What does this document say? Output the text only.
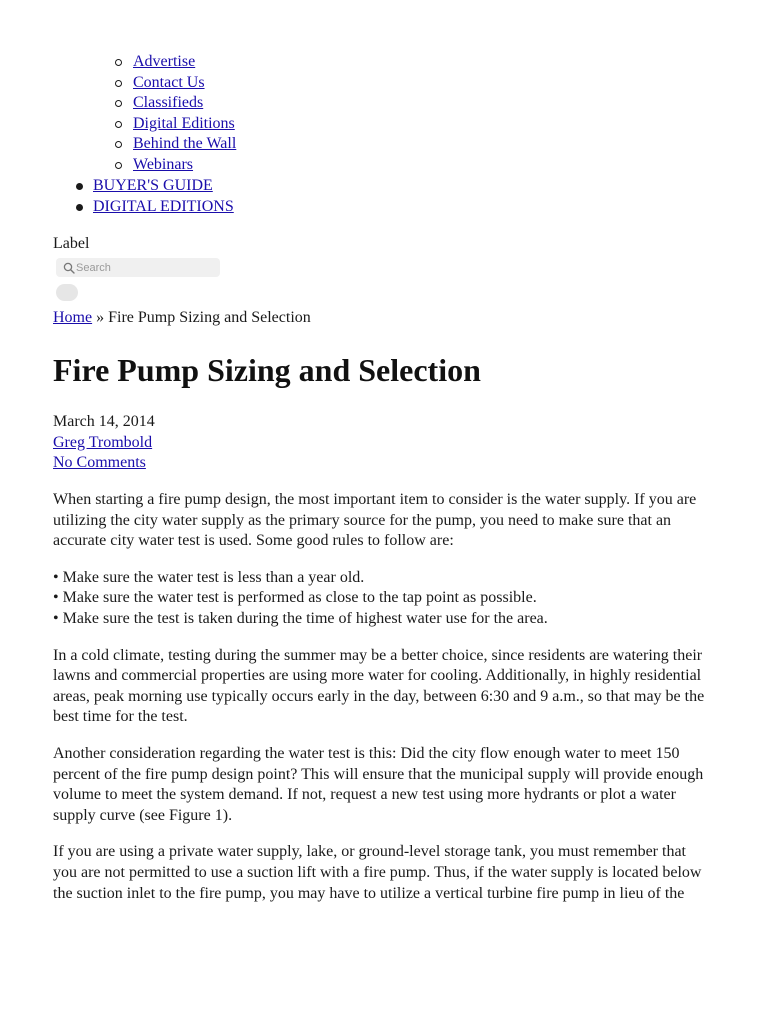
Advertise
Contact Us
Classifieds
Digital Editions
Behind the Wall
Webinars
BUYER'S GUIDE
DIGITAL EDITIONS
Label
Search
Home » Fire Pump Sizing and Selection
Fire Pump Sizing and Selection
March 14, 2014
Greg Trombold
No Comments

When starting a fire pump design, the most important item to consider is the water supply. If you are utilizing the city water supply as the primary source for the pump, you need to make sure that an accurate city water test is used. Some good rules to follow are:

• Make sure the water test is less than a year old.
• Make sure the water test is performed as close to the tap point as possible.
• Make sure the test is taken during the time of highest water use for the area.

In a cold climate, testing during the summer may be a better choice, since residents are watering their lawns and commercial properties are using more water for cooling. Additionally, in highly residential areas, peak morning use typically occurs early in the day, between 6:30 and 9 a.m., so that may be the best time for the test.

Another consideration regarding the water test is this: Did the city flow enough water to meet 150 percent of the fire pump design point? This will ensure that the municipal supply will provide enough volume to meet the system demand. If not, request a new test using more hydrants or plot a water supply curve (see Figure 1).

If you are using a private water supply, lake, or ground-level storage tank, you must remember that you are not permitted to use a suction lift with a fire pump. Thus, if the water supply is located below the suction inlet to the fire pump, you may have to utilize a vertical turbine fire pump in lieu of the
